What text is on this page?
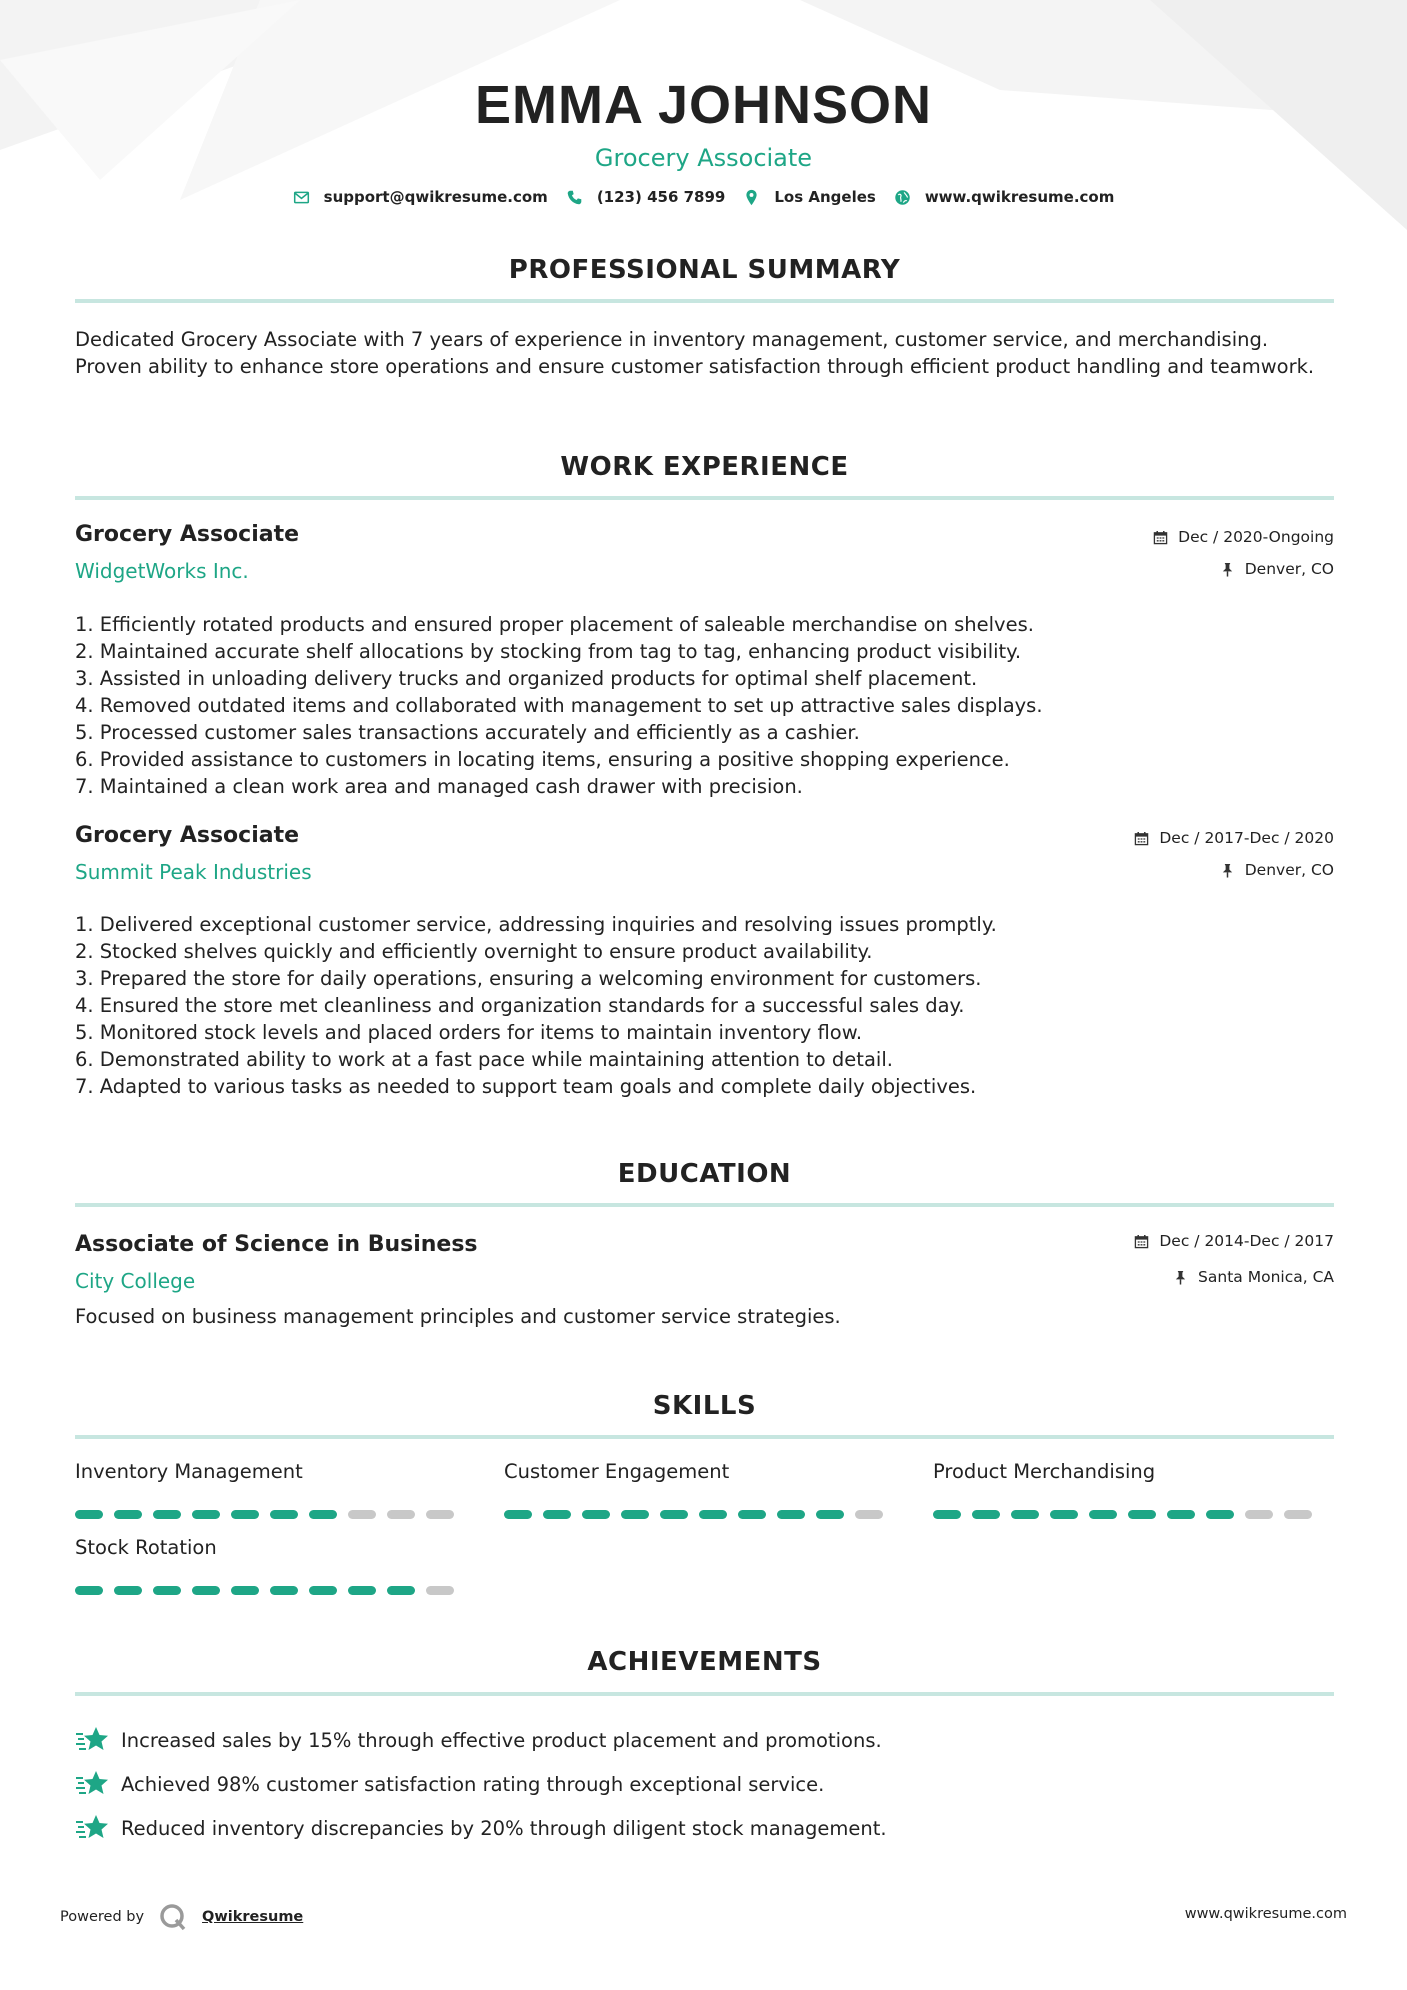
EMMA JOHNSON
Grocery Associate
support@qwikresume.com	(123) 456 7899	Los Angeles	www.qwikresume.com
PROFESSIONAL SUMMARY
Dedicated Grocery Associate with 7 years of experience in inventory management, customer service, and merchandising. Proven ability to enhance store operations and ensure customer satisfaction through efficient product handling and teamwork.
WORK EXPERIENCE
Grocery Associate
WidgetWorks Inc.
Dec / 2020-Ongoing
Denver, CO
1. Efficiently rotated products and ensured proper placement of saleable merchandise on shelves.
2. Maintained accurate shelf allocations by stocking from tag to tag, enhancing product visibility.
3. Assisted in unloading delivery trucks and organized products for optimal shelf placement.
4. Removed outdated items and collaborated with management to set up attractive sales displays.
5. Processed customer sales transactions accurately and efficiently as a cashier.
6. Provided assistance to customers in locating items, ensuring a positive shopping experience.
7. Maintained a clean work area and managed cash drawer with precision.
Grocery Associate
Summit Peak Industries
Dec / 2017-Dec / 2020
Denver, CO
1. Delivered exceptional customer service, addressing inquiries and resolving issues promptly.
2. Stocked shelves quickly and efficiently overnight to ensure product availability.
3. Prepared the store for daily operations, ensuring a welcoming environment for customers.
4. Ensured the store met cleanliness and organization standards for a successful sales day.
5. Monitored stock levels and placed orders for items to maintain inventory flow.
6. Demonstrated ability to work at a fast pace while maintaining attention to detail.
7. Adapted to various tasks as needed to support team goals and complete daily objectives.
EDUCATION
Associate of Science in Business
City College
Dec / 2014-Dec / 2017
Santa Monica, CA
Focused on business management principles and customer service strategies.
SKILLS
Inventory Management	Customer Engagement	Product Merchandising
Stock Rotation
ACHIEVEMENTS
Increased sales by 15% through effective product placement and promotions.
Achieved 98% customer satisfaction rating through exceptional service.
Reduced inventory discrepancies by 20% through diligent stock management.
Powered by	Qwikresume	www.qwikresume.com
